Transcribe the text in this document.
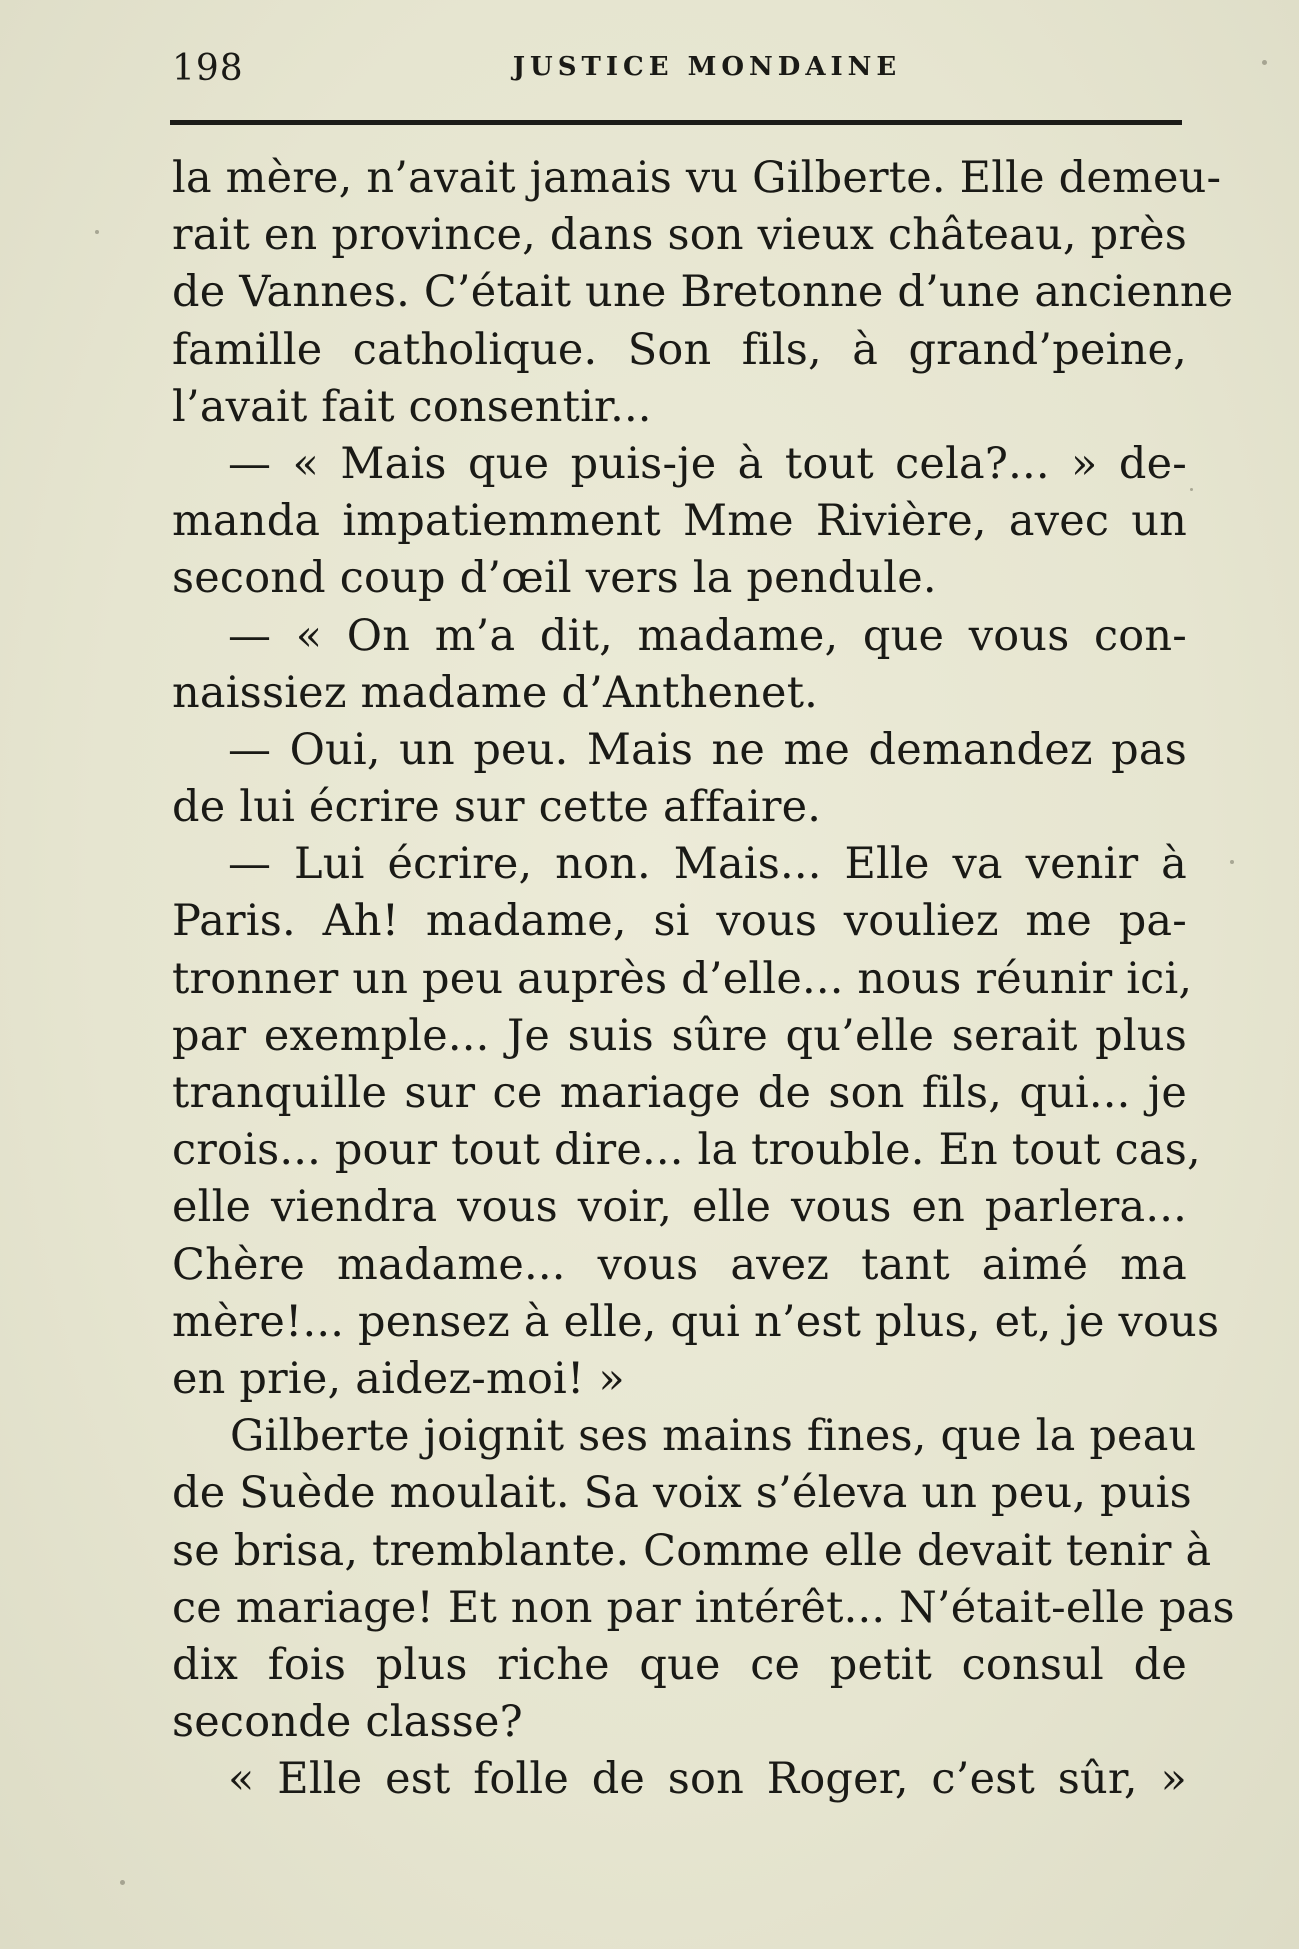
198	JUSTICE MONDAINE
la mère, n’avait jamais vu Gilberte. Elle demeu-
rait en province, dans son vieux château, près
de Vannes. C’était une Bretonne d’une ancienne
famille catholique. Son fils, à grand’peine,
l’avait fait consentir...
— « Mais que puis-je à tout cela?... » de-
manda impatiemment Mme Rivière, avec un
second coup d’œil vers la pendule.
— « On m’a dit, madame, que vous con-
naissiez madame d’Anthenet.
— Oui, un peu. Mais ne me demandez pas
de lui écrire sur cette affaire.
— Lui écrire, non. Mais... Elle va venir à
Paris. Ah! madame, si vous vouliez me pa-
tronner un peu auprès d’elle... nous réunir ici,
par exemple... Je suis sûre qu’elle serait plus
tranquille sur ce mariage de son fils, qui... je
crois... pour tout dire... la trouble. En tout cas,
elle viendra vous voir, elle vous en parlera...
Chère madame... vous avez tant aimé ma
mère!... pensez à elle, qui n’est plus, et, je vous
en prie, aidez-moi! »
Gilberte joignit ses mains fines, que la peau
de Suède moulait. Sa voix s’éleva un peu, puis
se brisa, tremblante. Comme elle devait tenir à
ce mariage! Et non par intérêt... N’était-elle pas
dix fois plus riche que ce petit consul de
seconde classe?
« Elle est folle de son Roger, c’est sûr, »
